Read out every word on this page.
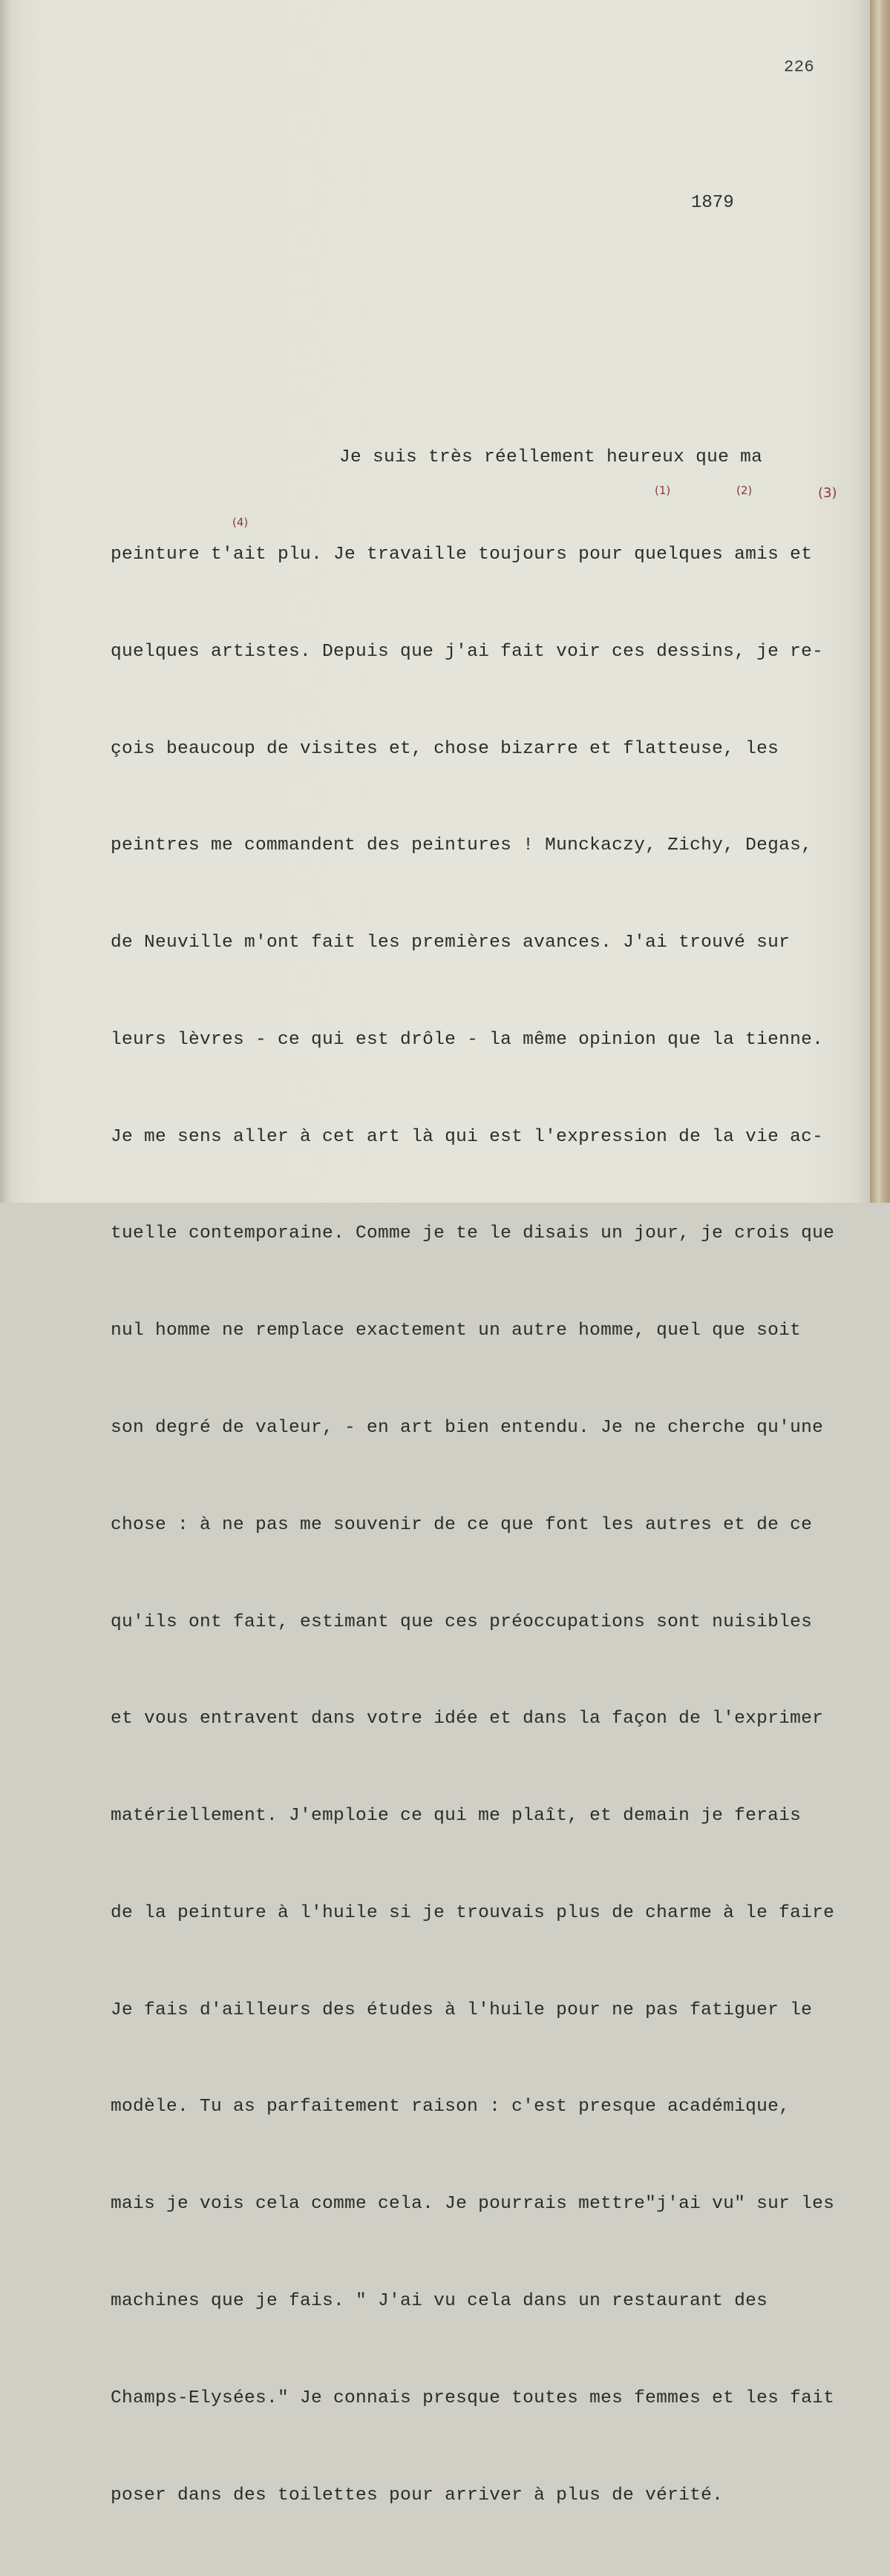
226
1879
(1)	(2)	(3)
(4)

Je suis très réellement heureux que ma

peinture t'ait plu. Je travaille toujours pour quelques amis et

quelques artistes. Depuis que j'ai fait voir ces dessins, je re-

çois beaucoup de visites et, chose bizarre et flatteuse, les

peintres me commandent des peintures ! Munckaczy, Zichy, Degas,

de Neuville m'ont fait les premières avances. J'ai trouvé sur

leurs lèvres - ce qui est drôle - la même opinion que la tienne.

Je me sens aller à cet art là qui est l'expression de la vie ac-

tuelle contemporaine. Comme je te le disais un jour, je crois que

nul homme ne remplace exactement un autre homme, quel que soit

son degré de valeur, - en art bien entendu. Je ne cherche qu'une

chose : à ne pas me souvenir de ce que font les autres et de ce

qu'ils ont fait, estimant que ces préoccupations sont nuisibles

et vous entravent dans votre idée et dans la façon de l'exprimer

matériellement. J'emploie ce qui me plaît, et demain je ferais

de la peinture à l'huile si je trouvais plus de charme à le faire

Je fais d'ailleurs des études à l'huile pour ne pas fatiguer le

modèle. Tu as parfaitement raison : c'est presque académique,

mais je vois cela comme cela. Je pourrais mettre"j'ai vu" sur les

machines que je fais. " J'ai vu cela dans un restaurant des

Champs-Elysées." Je connais presque toutes mes femmes et les fait

poser dans des toilettes pour arriver à plus de vérité.
